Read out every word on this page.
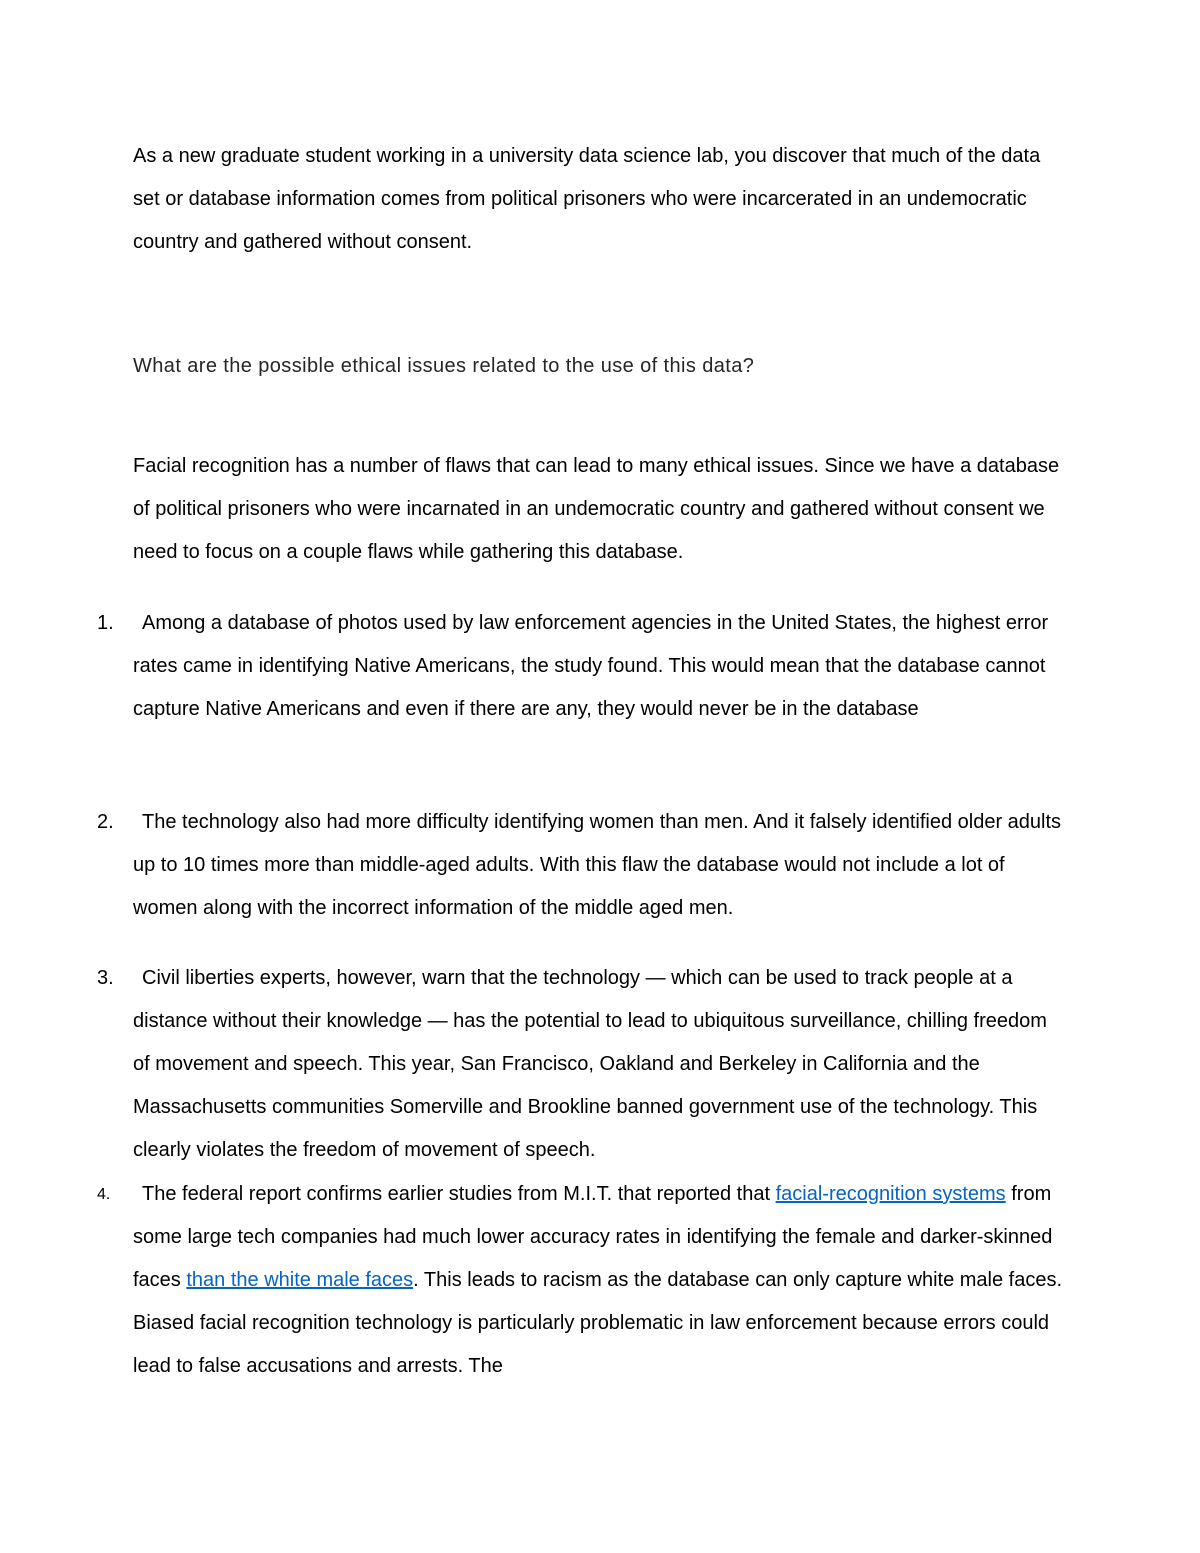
As a new graduate student working in a university data science lab, you discover that much of the data set or database information comes from political prisoners who were incarcerated in an undemocratic country and gathered without consent.

What are the possible ethical issues related to the use of this data?

Facial recognition has a number of flaws that can lead to many ethical issues. Since we have a database of political prisoners who were incarnated in an undemocratic country and gathered without consent we need to focus on a couple flaws while gathering this database.

1.	Among a database of photos used by law enforcement agencies in the United States, the highest error rates came in identifying Native Americans, the study found. This would mean that the database cannot capture Native Americans and even if there are any, they would never be in the database
2.	The technology also had more difficulty identifying women than men. And it falsely identified older adults up to 10 times more than middle-aged adults. With this flaw the database would not include a lot of women along with the incorrect information of the middle aged men.
3.	Civil liberties experts, however, warn that the technology — which can be used to track people at a distance without their knowledge — has the potential to lead to ubiquitous surveillance, chilling freedom of movement and speech. This year, San Francisco, Oakland and Berkeley in California and the Massachusetts communities Somerville and Brookline banned government use of the technology. This clearly violates the freedom of movement of speech.
4.	The federal report confirms earlier studies from M.I.T. that reported that facial-recognition systems from some large tech companies had much lower accuracy rates in identifying the female and darker-skinned faces than the white male faces. This leads to racism as the database can only capture white male faces. Biased facial recognition technology is particularly problematic in law enforcement because errors could lead to false accusations and arrests. The
